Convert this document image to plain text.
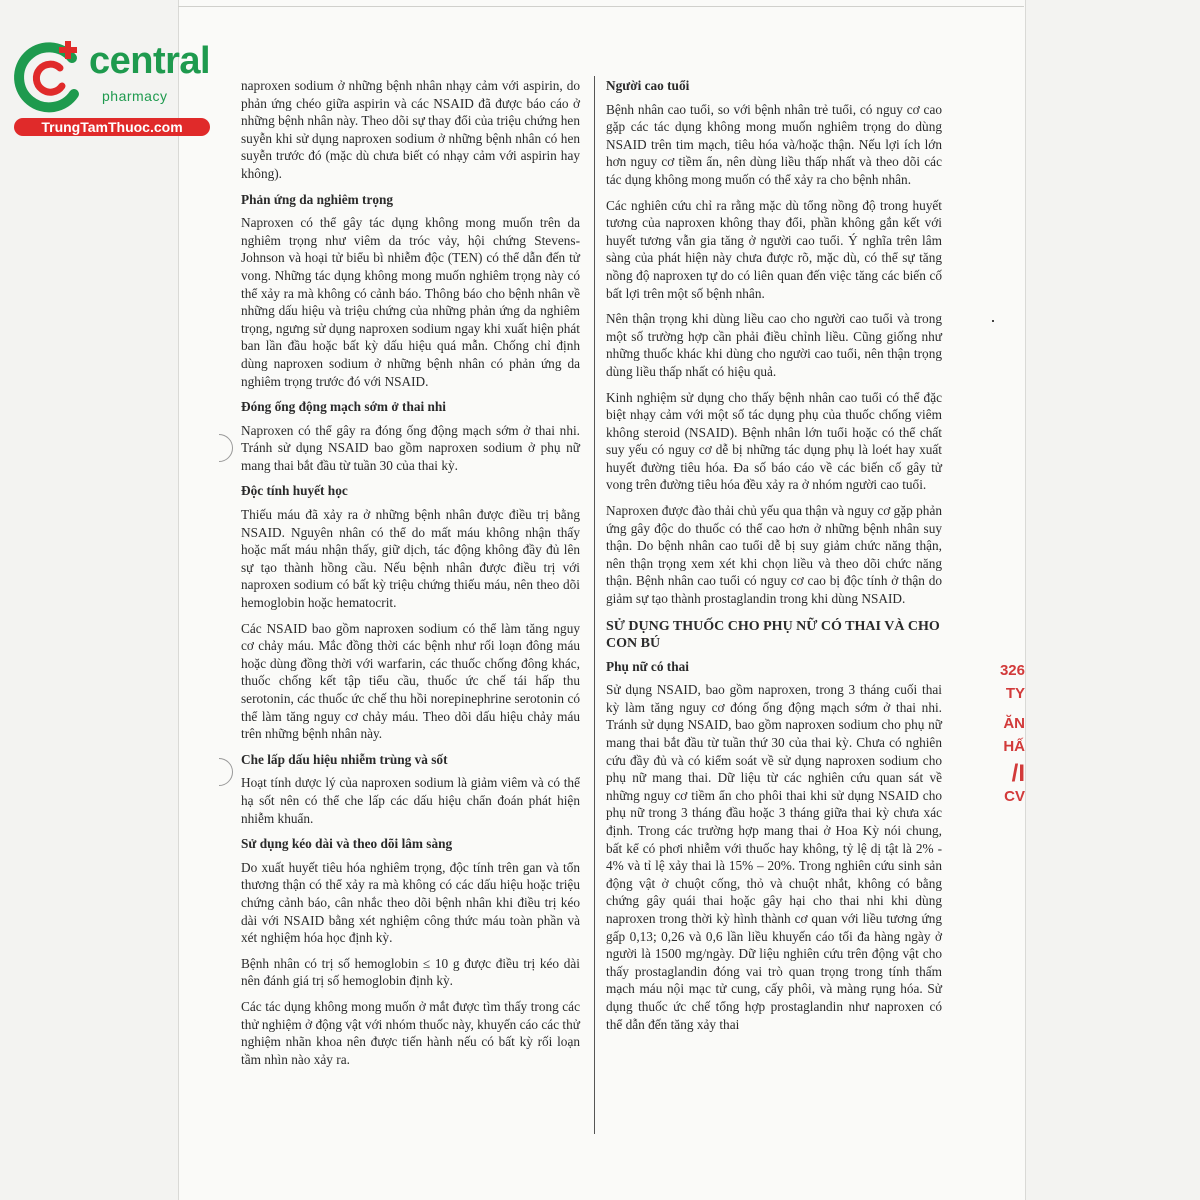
central
pharmacy
TrungTamThuoc.com

naproxen sodium ở những bệnh nhân nhạy cảm với aspirin, do phản ứng chéo giữa aspirin và các NSAID đã được báo cáo ở những bệnh nhân này. Theo dõi sự thay đổi của triệu chứng hen suyễn khi sử dụng naproxen sodium ở những bệnh nhân có hen suyễn trước đó (mặc dù chưa biết có nhạy cảm với aspirin hay không).

Phản ứng da nghiêm trọng

Naproxen có thể gây tác dụng không mong muốn trên da nghiêm trọng như viêm da tróc vảy, hội chứng Stevens-Johnson và hoại tử biểu bì nhiễm độc (TEN) có thể dẫn đến tử vong. Những tác dụng không mong muốn nghiêm trọng này có thể xảy ra mà không có cảnh báo. Thông báo cho bệnh nhân về những dấu hiệu và triệu chứng của những phản ứng da nghiêm trọng, ngưng sử dụng naproxen sodium ngay khi xuất hiện phát ban lần đầu hoặc bất kỳ dấu hiệu quá mẫn. Chống chỉ định dùng naproxen sodium ở những bệnh nhân có phản ứng da nghiêm trọng trước đó với NSAID.

Đóng ống động mạch sớm ở thai nhi

Naproxen có thể gây ra đóng ống động mạch sớm ở thai nhi. Tránh sử dụng NSAID bao gồm naproxen sodium ở phụ nữ mang thai bắt đầu từ tuần 30 của thai kỳ.

Độc tính huyết học

Thiếu máu đã xảy ra ở những bệnh nhân được điều trị bằng NSAID. Nguyên nhân có thể do mất máu không nhận thấy hoặc mất máu nhận thấy, giữ dịch, tác động không đầy đủ lên sự tạo thành hồng cầu. Nếu bệnh nhân được điều trị với naproxen sodium có bất kỳ triệu chứng thiếu máu, nên theo dõi hemoglobin hoặc hematocrit.

Các NSAID bao gồm naproxen sodium có thể làm tăng nguy cơ chảy máu. Mắc đồng thời các bệnh như rối loạn đông máu hoặc dùng đồng thời với warfarin, các thuốc chống đông khác, thuốc chống kết tập tiểu cầu, thuốc ức chế tái hấp thu serotonin, các thuốc ức chế thu hồi norepinephrine serotonin có thể làm tăng nguy cơ chảy máu. Theo dõi dấu hiệu chảy máu trên những bệnh nhân này.

Che lấp dấu hiệu nhiễm trùng và sốt

Hoạt tính dược lý của naproxen sodium là giảm viêm và có thể hạ sốt nên có thể che lấp các dấu hiệu chẩn đoán phát hiện nhiễm khuẩn.

Sử dụng kéo dài và theo dõi lâm sàng

Do xuất huyết tiêu hóa nghiêm trọng, độc tính trên gan và tổn thương thận có thể xảy ra mà không có các dấu hiệu hoặc triệu chứng cảnh báo, cân nhắc theo dõi bệnh nhân khi điều trị kéo dài với NSAID bằng xét nghiệm công thức máu toàn phần và xét nghiệm hóa học định kỳ.

Bệnh nhân có trị số hemoglobin ≤ 10 g được điều trị kéo dài nên đánh giá trị số hemoglobin định kỳ.

Các tác dụng không mong muốn ở mắt được tìm thấy trong các thử nghiệm ở động vật với nhóm thuốc này, khuyến cáo các thử nghiệm nhãn khoa nên được tiến hành nếu có bất kỳ rối loạn tầm nhìn nào xảy ra.

Người cao tuổi

Bệnh nhân cao tuổi, so với bệnh nhân trẻ tuổi, có nguy cơ cao gặp các tác dụng không mong muốn nghiêm trọng do dùng NSAID trên tim mạch, tiêu hóa và/hoặc thận. Nếu lợi ích lớn hơn nguy cơ tiềm ẩn, nên dùng liều thấp nhất và theo dõi các tác dụng không mong muốn có thể xảy ra cho bệnh nhân.

Các nghiên cứu chỉ ra rằng mặc dù tổng nồng độ trong huyết tương của naproxen không thay đổi, phần không gắn kết với huyết tương vẫn gia tăng ở người cao tuổi. Ý nghĩa trên lâm sàng của phát hiện này chưa được rõ, mặc dù, có thể sự tăng nồng độ naproxen tự do có liên quan đến việc tăng các biến cố bất lợi trên một số bệnh nhân.

Nên thận trọng khi dùng liều cao cho người cao tuổi và trong một số trường hợp cần phải điều chỉnh liều. Cũng giống như những thuốc khác khi dùng cho người cao tuổi, nên thận trọng dùng liều thấp nhất có hiệu quả.

Kinh nghiệm sử dụng cho thấy bệnh nhân cao tuổi có thể đặc biệt nhạy cảm với một số tác dụng phụ của thuốc chống viêm không steroid (NSAID). Bệnh nhân lớn tuổi hoặc có thể chất suy yếu có nguy cơ dễ bị những tác dụng phụ là loét hay xuất huyết đường tiêu hóa. Đa số báo cáo về các biến cố gây tử vong trên đường tiêu hóa đều xảy ra ở nhóm người cao tuổi.

Naproxen được đào thải chủ yếu qua thận và nguy cơ gặp phản ứng gây độc do thuốc có thể cao hơn ở những bệnh nhân suy thận. Do bệnh nhân cao tuổi dễ bị suy giảm chức năng thận, nên thận trọng xem xét khi chọn liều và theo dõi chức năng thận. Bệnh nhân cao tuổi có nguy cơ cao bị độc tính ở thận do giảm sự tạo thành prostaglandin trong khi dùng NSAID.

SỬ DỤNG THUỐC CHO PHỤ NỮ CÓ THAI VÀ CHO CON BÚ
Phụ nữ có thai

Sử dụng NSAID, bao gồm naproxen, trong 3 tháng cuối thai kỳ làm tăng nguy cơ đóng ống động mạch sớm ở thai nhi. Tránh sử dụng NSAID, bao gồm naproxen sodium cho phụ nữ mang thai bắt đầu từ tuần thứ 30 của thai kỳ. Chưa có nghiên cứu đầy đủ và có kiểm soát về sử dụng naproxen sodium cho phụ nữ mang thai. Dữ liệu từ các nghiên cứu quan sát về những nguy cơ tiềm ẩn cho phôi thai khi sử dụng NSAID cho phụ nữ trong 3 tháng đầu hoặc 3 tháng giữa thai kỳ chưa xác định. Trong các trường hợp mang thai ở Hoa Kỳ nói chung, bất kể có phơi nhiễm với thuốc hay không, tỷ lệ dị tật là 2% - 4% và tỉ lệ xảy thai là 15% – 20%. Trong nghiên cứu sinh sản động vật ở chuột cống, thỏ và chuột nhắt, không có bằng chứng gây quái thai hoặc gây hại cho thai nhi khi dùng naproxen trong thời kỳ hình thành cơ quan với liều tương ứng gấp 0,13; 0,26 và 0,6 lần liều khuyến cáo tối đa hàng ngày ở người là 1500 mg/ngày. Dữ liệu nghiên cứu trên động vật cho thấy prostaglandin đóng vai trò quan trọng trong tính thấm mạch máu nội mạc tử cung, cấy phôi, và màng rụng hóa. Sử dụng thuốc ức chế tổng hợp prostaglandin như naproxen có thể dẫn đến tăng xảy thai

326
TY
ĂN
HẤ
/I
CV
